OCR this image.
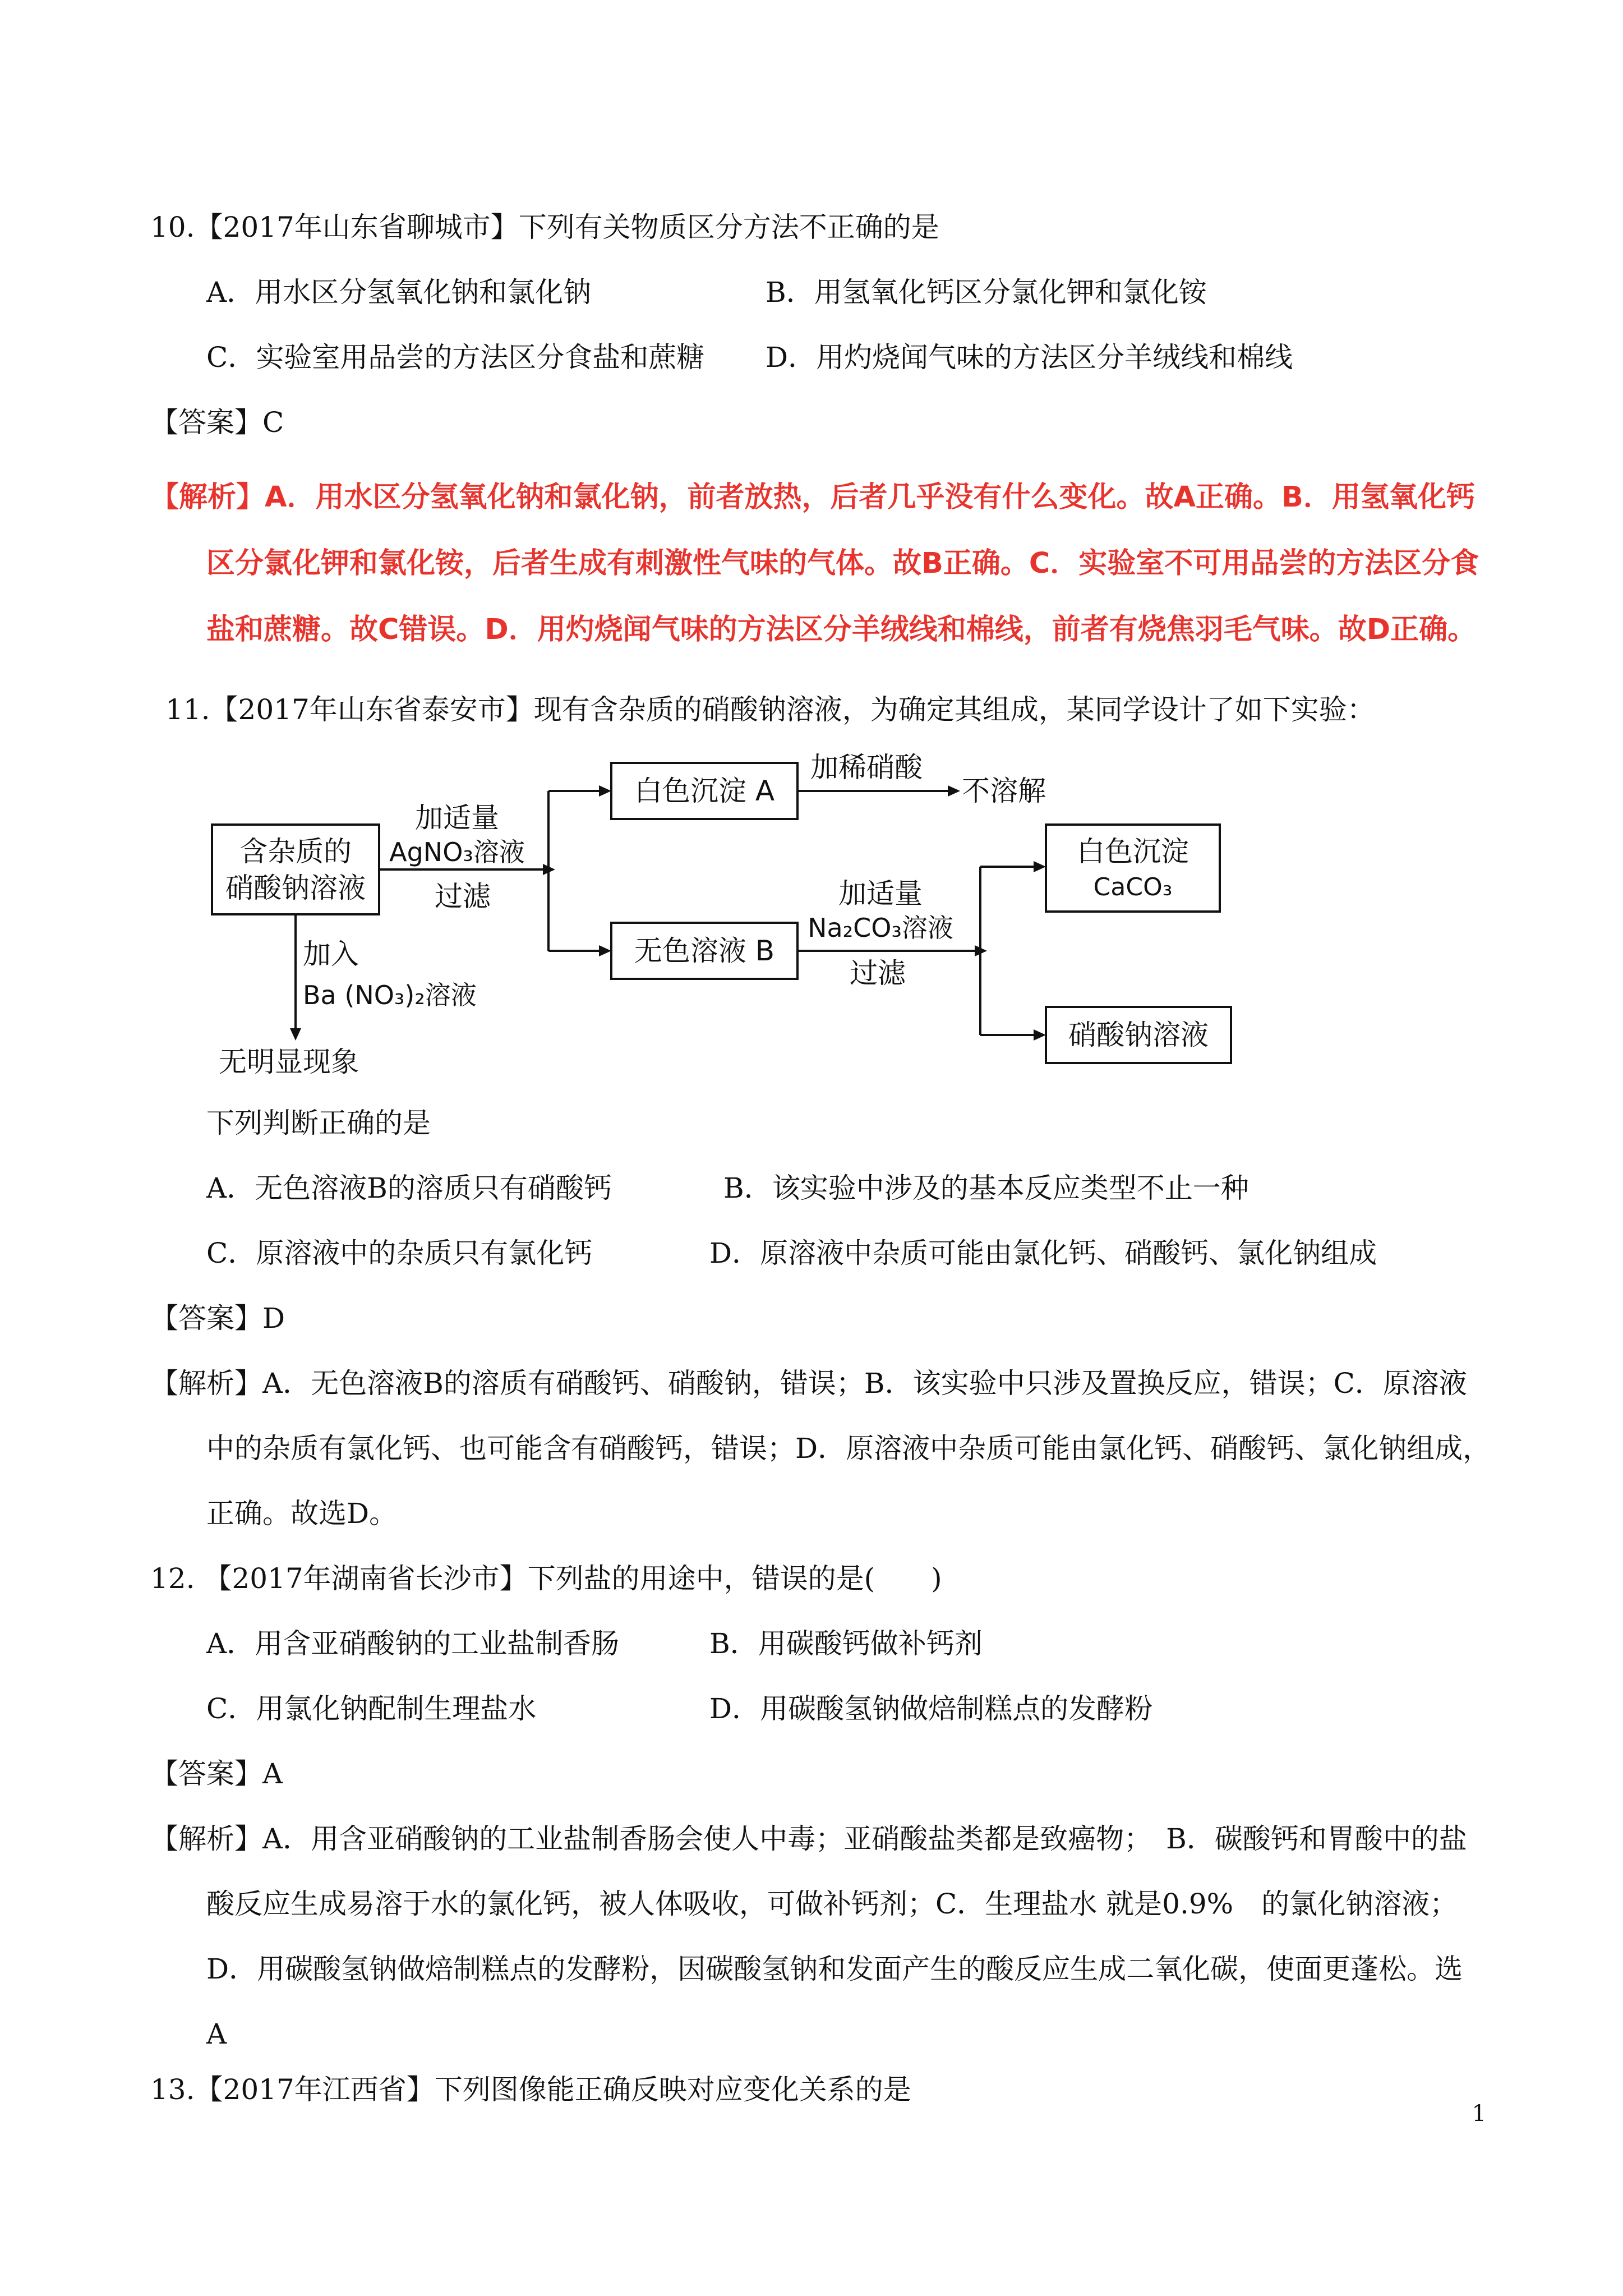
10.【2017年山东省聊城市】下列有关物质区分方法不正确的是
A．用水区分氢氧化钠和氯化钠	B．用氢氧化钙区分氯化钾和氯化铵
C．实验室用品尝的方法区分食盐和蔗糖 D．用灼烧闻气味的方法区分羊绒线和棉线
【答案】C
【解析】A．用水区分氢氧化钠和氯化钠，前者放热，后者几乎没有什么变化。故A正确。B．用氢氧化钙
区分氯化钾和氯化铵，后者生成有刺激性气味的气体。故B正确。C．实验室不可用品尝的方法区分食
盐和蔗糖。故C错误。D．用灼烧闻气味的方法区分羊绒线和棉线，前者有烧焦羽毛气味。故D正确。
11.【2017年山东省泰安市】现有含杂质的硝酸钠溶液，为确定其组成，某同学设计了如下实验：
含杂质的
硝酸钠溶液
加适量
AgNO₃溶液
过滤
白色沉淀 A
加稀硝酸
不溶解
无色溶液 B
加适量
Na₂CO₃溶液
过滤
白色沉淀
CaCO₃
硝酸钠溶液
加入
Ba (NO₃)₂溶液
无明显现象
下列判断正确的是
A．无色溶液B的溶质只有硝酸钙	B．该实验中涉及的基本反应类型不止一种
C．原溶液中的杂质只有氯化钙	D．原溶液中杂质可能由氯化钙、硝酸钙、氯化钠组成
【答案】D
【解析】A．无色溶液B的溶质有硝酸钙、硝酸钠，错误；B．该实验中只涉及置换反应，错误；C．原溶液
中的杂质有氯化钙、也可能含有硝酸钙，错误；D．原溶液中杂质可能由氯化钙、硝酸钙、氯化钠组成，
正确。故选D。
12. 【2017年湖南省长沙市】下列盐的用途中，错误的是(　　)
A．用含亚硝酸钠的工业盐制香肠	B．用碳酸钙做补钙剂
C．用氯化钠配制生理盐水	D．用碳酸氢钠做焙制糕点的发酵粉
【答案】A
【解析】A．用含亚硝酸钠的工业盐制香肠会使人中毒；亚硝酸盐类都是致癌物；　B．碳酸钙和胃酸中的盐
酸反应生成易溶于水的氯化钙，被人体吸收，可做补钙剂；C．生理盐水 就是0.9%　的氯化钠溶液；
D．用碳酸氢钠做焙制糕点的发酵粉，因碳酸氢钠和发面产生的酸反应生成二氧化碳，使面更蓬松。选
A
13.【2017年江西省】下列图像能正确反映对应变化关系的是
1
